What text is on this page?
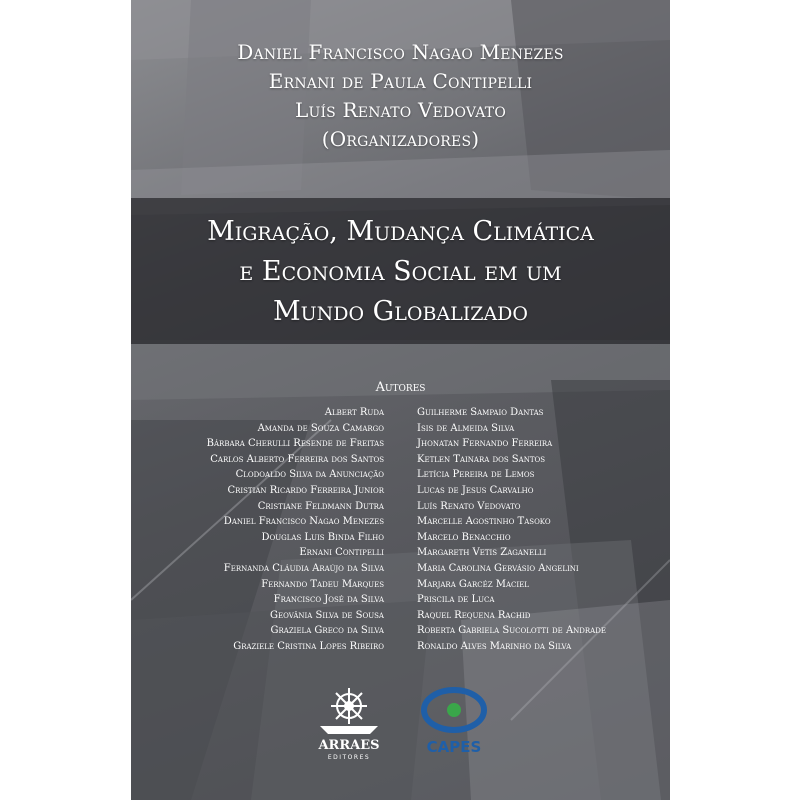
Daniel Francisco Nagao Menezes
Ernani de Paula Contipelli
Luís Renato Vedovato
(Organizadores)
Migração, Mudança Climática
e Economia Social em um
Mundo Globalizado
Autores
Albert Ruda
Amanda de Souza Camargo
Bárbara Cherulli Resende de Freitas
Carlos Alberto Ferreira dos Santos
Clodoaldo Silva da Anunciação
Cristian Ricardo Ferreira Junior
Cristiane Feldmann Dutra
Daniel Francisco Nagao Menezes
Douglas Luis Binda Filho
Ernani Contipelli
Fernanda Cláudia Araújo da Silva
Fernando Tadeu Marques
Francisco José da Silva
Geovânia Silva de Sousa
Graziela Greco da Silva
Graziele Cristina Lopes Ribeiro
Guilherme Sampaio Dantas
Isis de Almeida Silva
Jhonatan Fernando Ferreira
Ketlen Tainara dos Santos
Letícia Pereira de Lemos
Lucas de Jesus Carvalho
Luís Renato Vedovato
Marcelle Agostinho Tasoko
Marcelo Benacchio
Margareth Vetis Zaganelli
Maria Carolina Gervásio Angelini
Marjara Garcéz Maciel
Priscila de Luca
Raquel Requena Rachid
Roberta Gabriela Sucolotti de Andrade
Ronaldo Alves Marinho da Silva
ARRAES
EDITORES
CAPES
